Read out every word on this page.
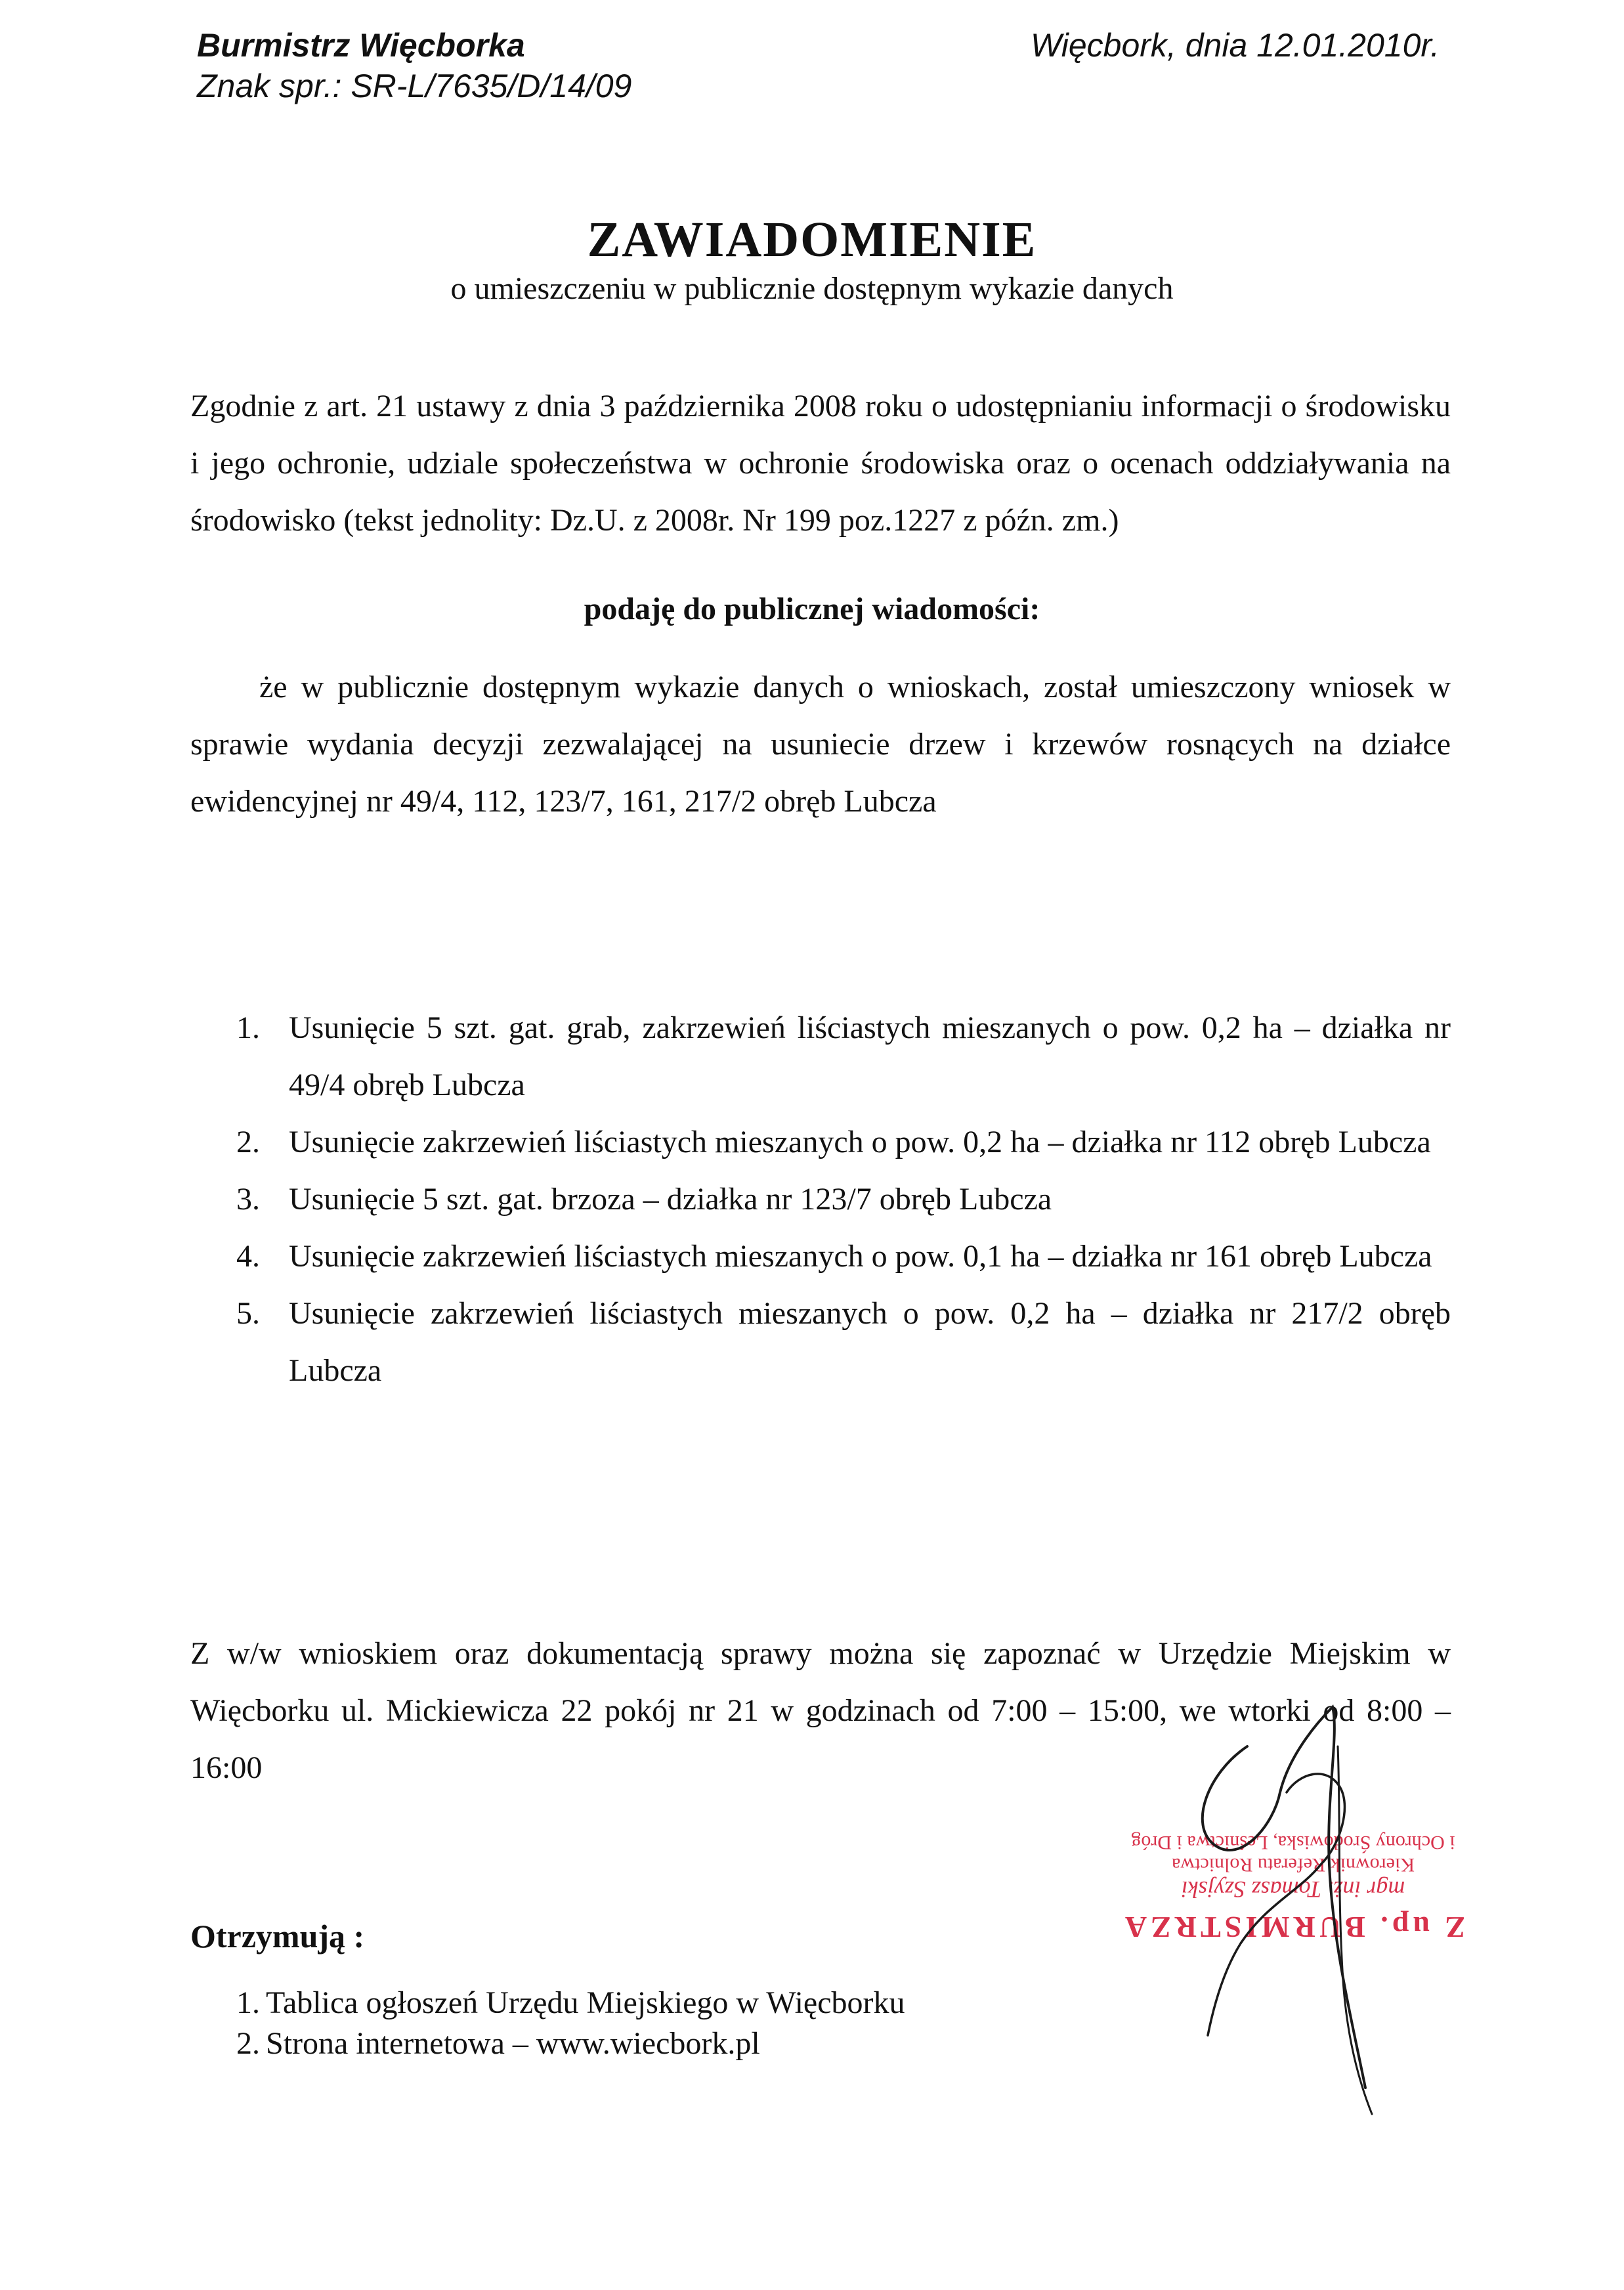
Burmistrz Więcborka
Znak spr.: SR-L/7635/D/14/09
Więcbork, dnia 12.01.2010r.
ZAWIADOMIENIE
o umieszczeniu w publicznie dostępnym wykazie danych
Zgodnie z art. 21 ustawy z dnia 3 października 2008 roku o udostępnianiu informacji o środowisku i jego ochronie, udziale społeczeństwa w ochronie środowiska oraz o ocenach oddziaływania na środowisko (tekst jednolity: Dz.U. z 2008r. Nr 199 poz.1227 z późn. zm.)
podaję do publicznej wiadomości:
że w publicznie dostępnym wykazie danych o wnioskach, został umieszczony wniosek w sprawie wydania decyzji zezwalającej na usuniecie drzew i krzewów rosnących na działce ewidencyjnej nr 49/4, 112, 123/7, 161, 217/2 obręb Lubcza
1. Usunięcie 5 szt. gat. grab, zakrzewień liściastych mieszanych o pow. 0,2 ha – działka nr 49/4 obręb Lubcza
2. Usunięcie zakrzewień liściastych mieszanych o pow. 0,2 ha – działka nr 112 obręb Lubcza
3. Usunięcie 5 szt. gat. brzoza – działka nr 123/7 obręb Lubcza
4. Usunięcie zakrzewień liściastych mieszanych o pow. 0,1 ha – działka nr 161 obręb Lubcza
5. Usunięcie zakrzewień liściastych mieszanych o pow. 0,2 ha – działka nr 217/2 obręb Lubcza
Z w/w wnioskiem oraz dokumentacją sprawy można się zapoznać w Urzędzie Miejskim w Więcborku ul. Mickiewicza 22 pokój nr 21 w godzinach od 7:00 – 15:00, we wtorki od 8:00 – 16:00
Z up. BURMISTRZA
mgr inż. Tomasz Szyjski
Kierownik Referatu Rolnictwa
i Ochrony Środowiska, Leśnictwa i Dróg
Otrzymują :
1. Tablica ogłoszeń Urzędu Miejskiego w Więcborku
2. Strona internetowa – www.wiecbork.pl
